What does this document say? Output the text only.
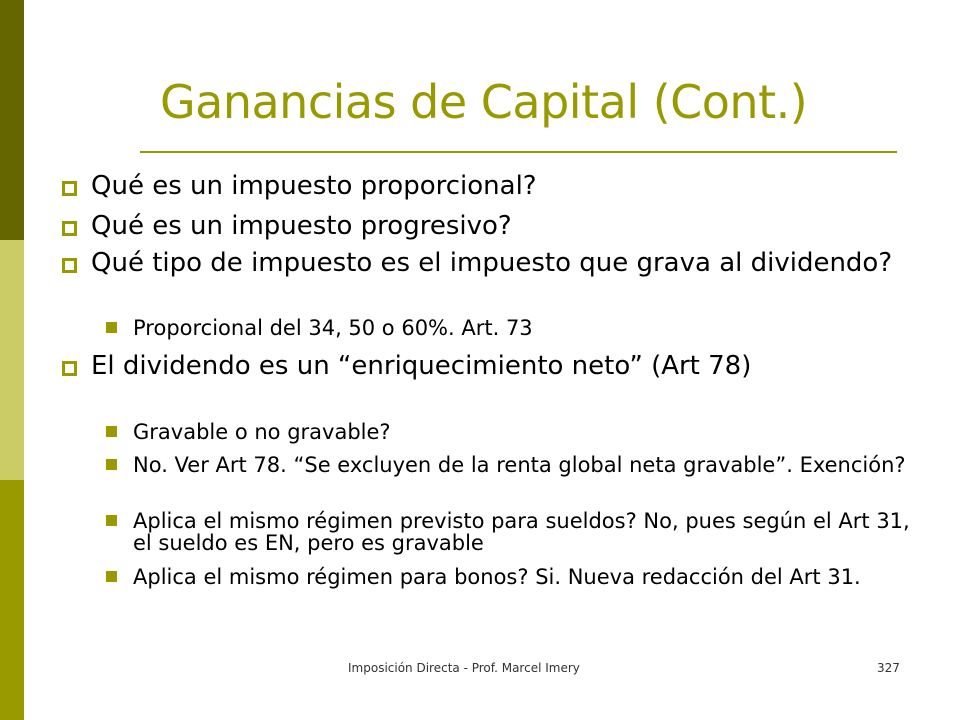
Ganancias de Capital (Cont.)
Qué es un impuesto proporcional?
Qué es un impuesto progresivo?
Qué tipo de impuesto es el impuesto que grava al dividendo?
Proporcional del 34, 50 o 60%. Art. 73
El dividendo es un “enriquecimiento neto” (Art 78)
Gravable o no gravable?
No. Ver Art 78. “Se excluyen de la renta global neta gravable”. Exención?
Aplica el mismo régimen previsto para sueldos? No, pues según el Art 31, el sueldo es EN, pero es gravable
Aplica el mismo régimen para bonos? Si. Nueva redacción del Art 31.
Imposición Directa - Prof. Marcel Imery	327
